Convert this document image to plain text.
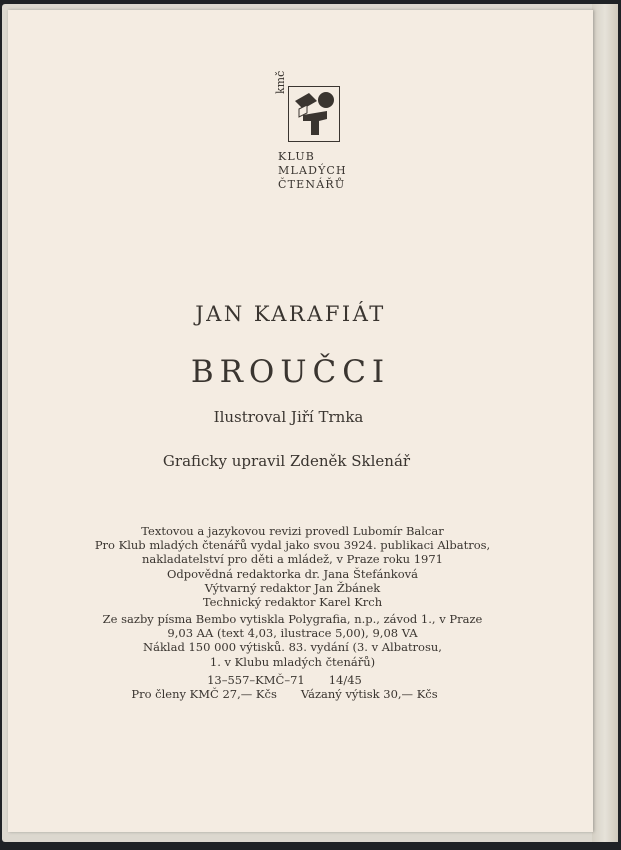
kmč
KLUB
MLADÝCH
ČTENÁŘŮ
JAN KARAFIÁT
BROUČCI
Ilustroval Jiří Trnka
Graficky upravil Zdeněk Sklenář
Textovou a jazykovou revizi provedl Lubomír Balcar
Pro Klub mladých čtenářů vydal jako svou 3924. publikaci Albatros,
nakladatelství pro děti a mládež, v Praze roku 1971
Odpovědná redaktorka dr. Jana Štefánková
Výtvarný redaktor Jan Žbánek
Technický redaktor Karel Krch
Ze sazby písma Bembo vytiskla Polygrafia, n.p., závod 1., v Praze
9,03 AA (text 4,03, ilustrace 5,00), 9,08 VA
Náklad 150 000 výtisků. 83. vydání (3. v Albatrosu,
1. v Klubu mladých čtenářů)
13–557–KMČ–71 14/45
Pro členy KMČ 27,— Kčs Vázaný výtisk 30,— Kčs
